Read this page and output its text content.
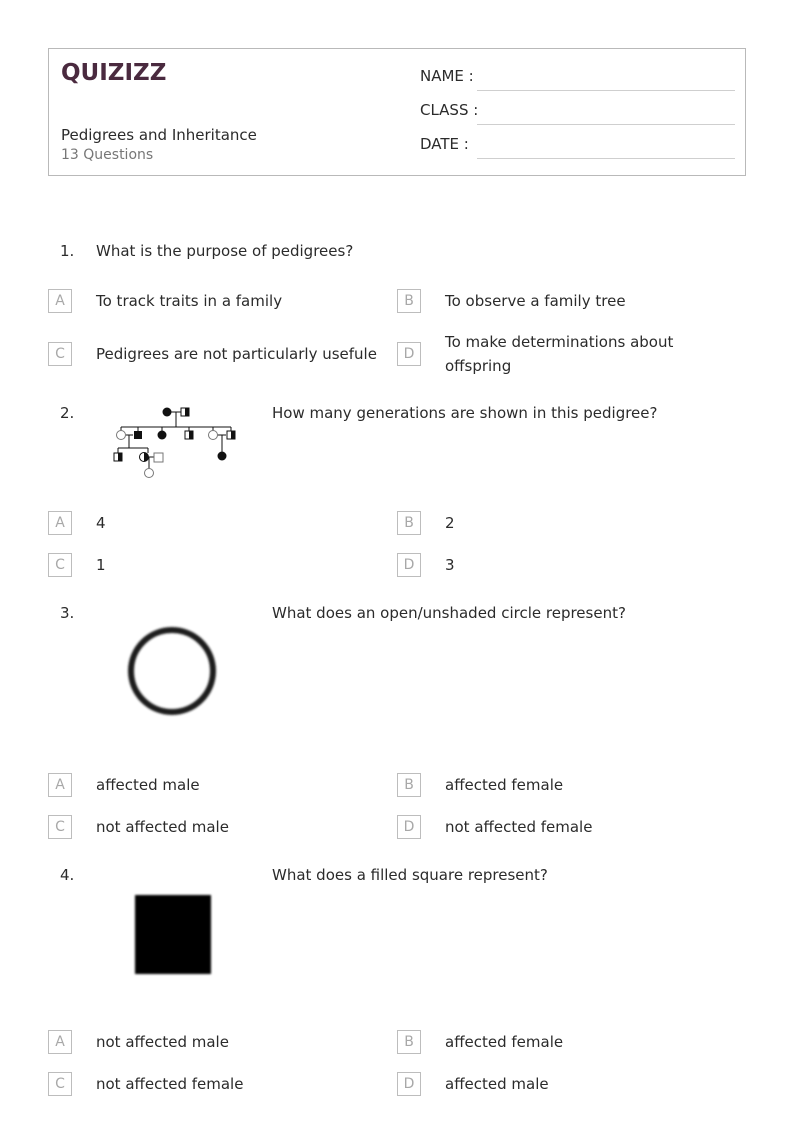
QUIZIZZ
Pedigrees and Inheritance
13 Questions
NAME :
CLASS :
DATE :
1. What is the purpose of pedigrees?
A	To track traits in a family	B	To observe a family tree
C	Pedigrees are not particularly usefule	D
To make determinations about offspring
2.	How many generations are shown in this pedigree?
A	4	B	2
C	1	D	3
3.	What does an open/unshaded circle represent?
A	affected male	B	affected female
C	not affected male	D	not affected female
4.	What does a filled square represent?
A	not affected male	B	affected female
C	not affected female	D	affected male
